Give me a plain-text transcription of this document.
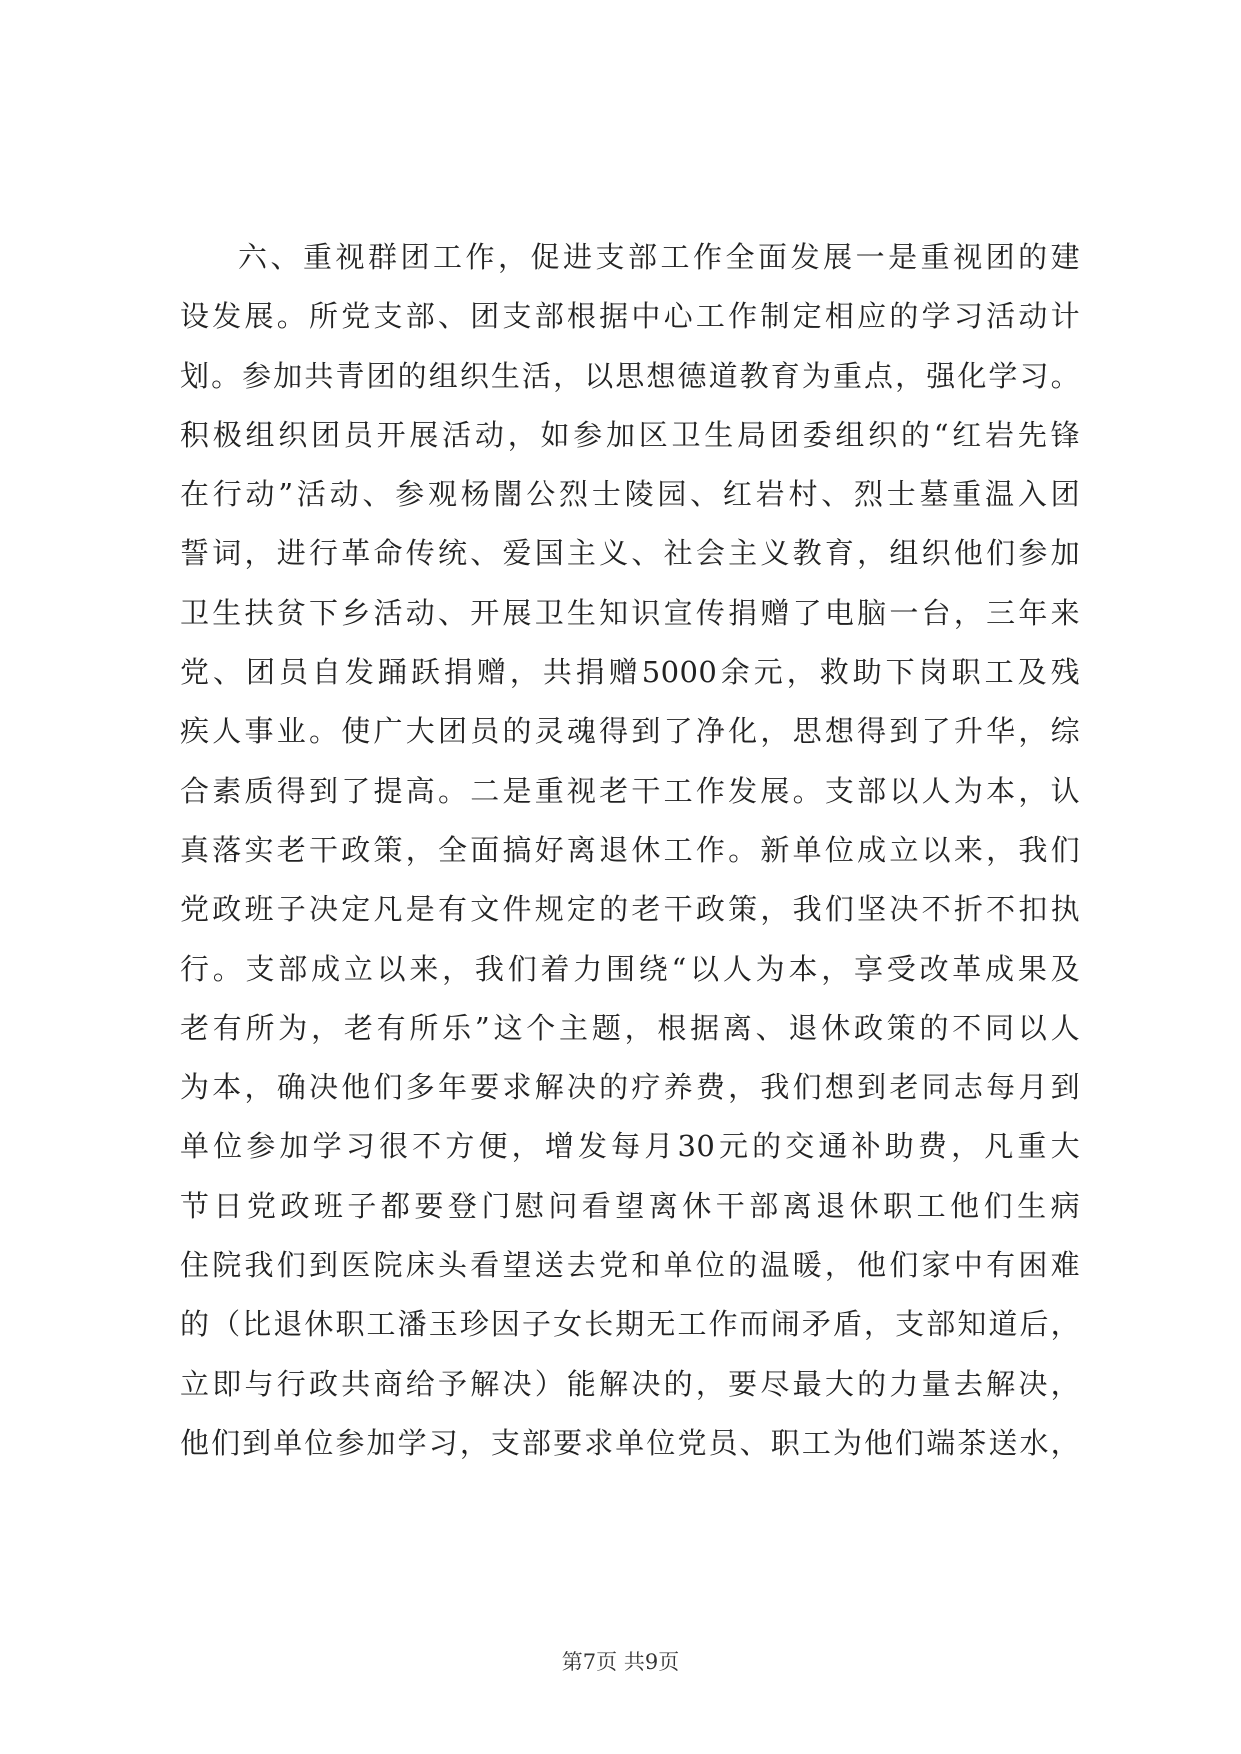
六、重视群团工作，促进支部工作全面发展一是重视团的建
设发展。所党支部、团支部根据中心工作制定相应的学习活动计
划。参加共青团的组织生活，以思想德道教育为重点，强化学习。
积极组织团员开展活动，如参加区卫生局团委组织的“红岩先锋
在行动”活动、参观杨闇公烈士陵园、红岩村、烈士墓重温入团
誓词，进行革命传统、爱国主义、社会主义教育，组织他们参加
卫生扶贫下乡活动、开展卫生知识宣传捐赠了电脑一台，三年来
党、团员自发踊跃捐赠，共捐赠5000余元，救助下岗职工及残
疾人事业。使广大团员的灵魂得到了净化，思想得到了升华，综
合素质得到了提高。二是重视老干工作发展。支部以人为本，认
真落实老干政策，全面搞好离退休工作。新单位成立以来，我们
党政班子决定凡是有文件规定的老干政策，我们坚决不折不扣执
行。支部成立以来，我们着力围绕“以人为本，享受改革成果及
老有所为，老有所乐”这个主题，根据离、退休政策的不同以人
为本，确决他们多年要求解决的疗养费，我们想到老同志每月到
单位参加学习很不方便，增发每月30元的交通补助费，凡重大
节日党政班子都要登门慰问看望离休干部离退休职工他们生病
住院我们到医院床头看望送去党和单位的温暖，他们家中有困难
的（比退休职工潘玉珍因子女长期无工作而闹矛盾，支部知道后，
立即与行政共商给予解决）能解决的，要尽最大的力量去解决，
他们到单位参加学习，支部要求单位党员、职工为他们端茶送水，
第7页 共9页
